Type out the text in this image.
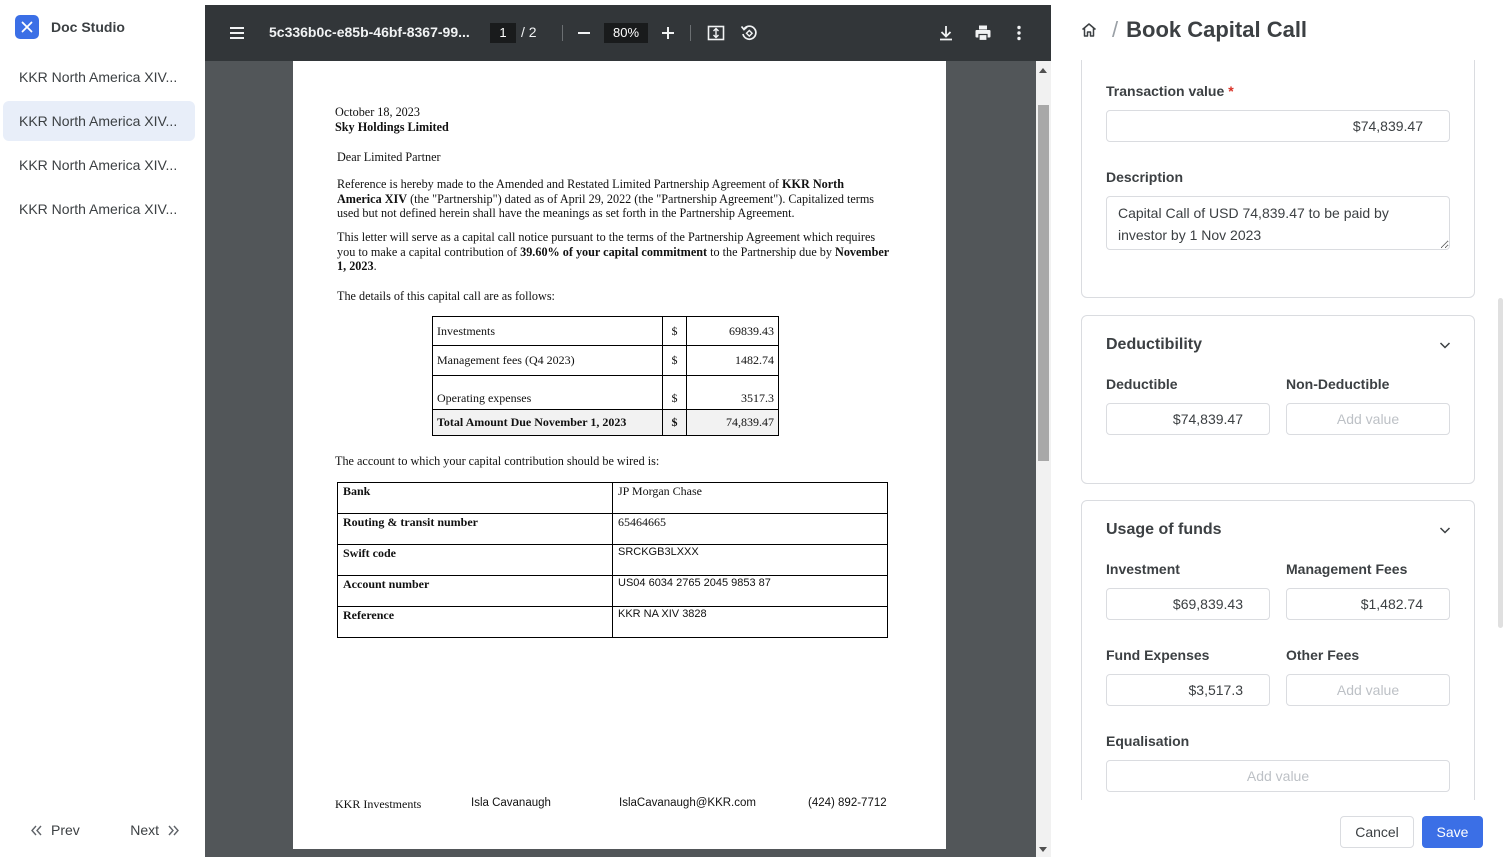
Doc Studio
KKR North America XIV...
KKR North America XIV...
KKR North America XIV...
KKR North America XIV...
Prev	Next
5c336b0c-e85b-46bf-8367-99...	1	/ 2	80%
October 18, 2023
Sky Holdings Limited
Dear Limited Partner
Reference is hereby made to the Amended and Restated Limited Partnership Agreement of KKR North America XIV (the "Partnership") dated as of April 29, 2022 (the "Partnership Agreement"). Capitalized terms used but not defined herein shall have the meanings as set forth in the Partnership Agreement.
This letter will serve as a capital call notice pursuant to the terms of the Partnership Agreement which requires you to make a capital contribution of 39.60% of your capital commitment to the Partnership due by November 1, 2023.
The details of this capital call are as follows:
Investments	$	69839.43
Management fees (Q4 2023)	$	1482.74
Operating expenses	$	3517.3
Total Amount Due November 1, 2023	$	74,839.47
The account to which your capital contribution should be wired is:
Bank	JP Morgan Chase
Routing & transit number	65464665
Swift code	SRCKGB3LXXX
Account number	US04 6034 2765 2045 9853 87
Reference	KKR NA XIV 3828
KKR Investments	Isla Cavanaugh	IslaCavanaugh@KKR.com	(424) 892-7712
/ Book Capital Call
Transaction value *
$74,839.47
Description
Capital Call of USD 74,839.47 to be paid by investor by 1 Nov 2023
Deductibility
Deductible	Non-Deductible
$74,839.47
Add value
Usage of funds
Investment	Management Fees
$69,839.43
$1,482.74
Fund Expenses	Other Fees
$3,517.3
Add value
Equalisation
Add value
Cancel	Save
